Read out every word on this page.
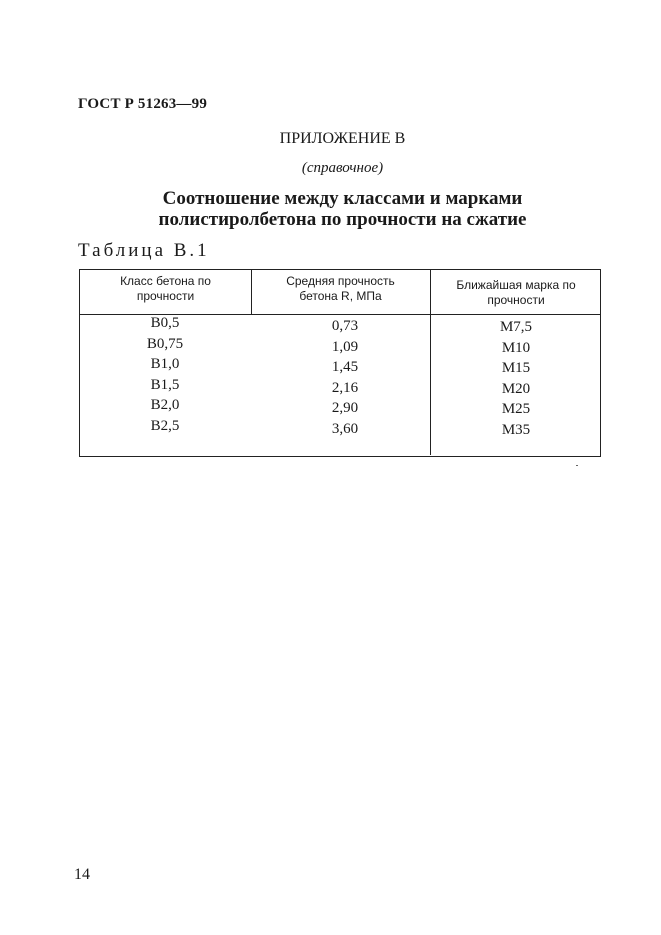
ГОСТ Р 51263—99
ПРИЛОЖЕНИЕ В
(справочное)
Соотношение между классами и марками
полистиролбетона по прочности на сжатие
Таблица В.1
Класс бетона по
прочности
Средняя прочность
бетона R, МПа
Ближайшая марка по
прочности
В0,5
В0,75
В1,0
В1,5
В2,0
В2,5
0,73
1,09
1,45
2,16
2,90
3,60
М7,5
М10
М15
М20
М25
М35
14
